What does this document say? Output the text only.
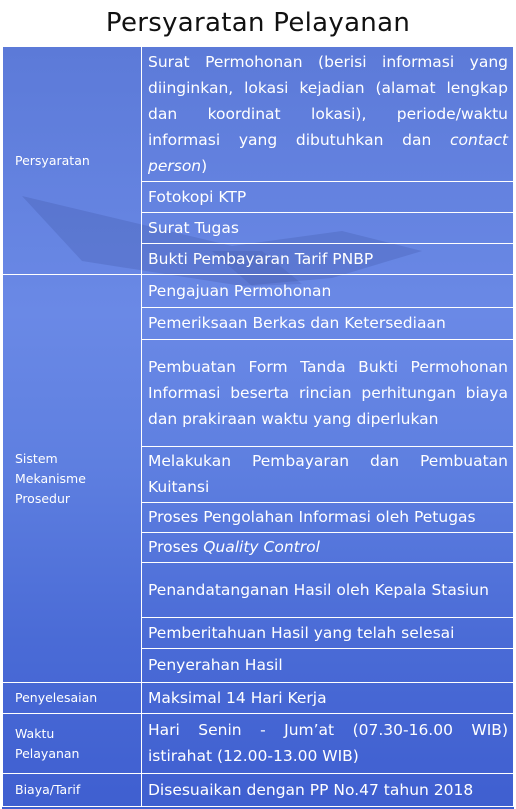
Persyaratan Pelayanan
Persyaratan	Surat Permohonan (berisi informasi yang diinginkan, lokasi kejadian (alamat lengkap dan koordinat lokasi), periode/waktu informasi yang dibutuhkan dan contact person)
	Fotokopi KTP
	Surat Tugas
	Bukti Pembayaran Tarif PNBP

Sistem
Mekanisme
Prosedur	Pengajuan Permohonan
	Pemeriksaan Berkas dan Ketersediaan
	Pembuatan Form Tanda Bukti Permohonan Informasi beserta rincian perhitungan biaya dan prakiraan waktu yang diperlukan
	Melakukan Pembayaran dan Pembuatan Kuitansi
	Proses Pengolahan Informasi oleh Petugas
	Proses Quality Control
	Penandatanganan Hasil oleh Kepala Stasiun
	Pemberitahuan Hasil yang telah selesai
	Penyerahan Hasil
Penyelesaian	Maksimal 14 Hari Kerja

Waktu
Pelayanan	Hari Senin - Jum’at (07.30-16.00 WIB) istirahat (12.00-13.00 WIB)
Biaya/Tarif	Disesuaikan dengan PP No.47 tahun 2018
